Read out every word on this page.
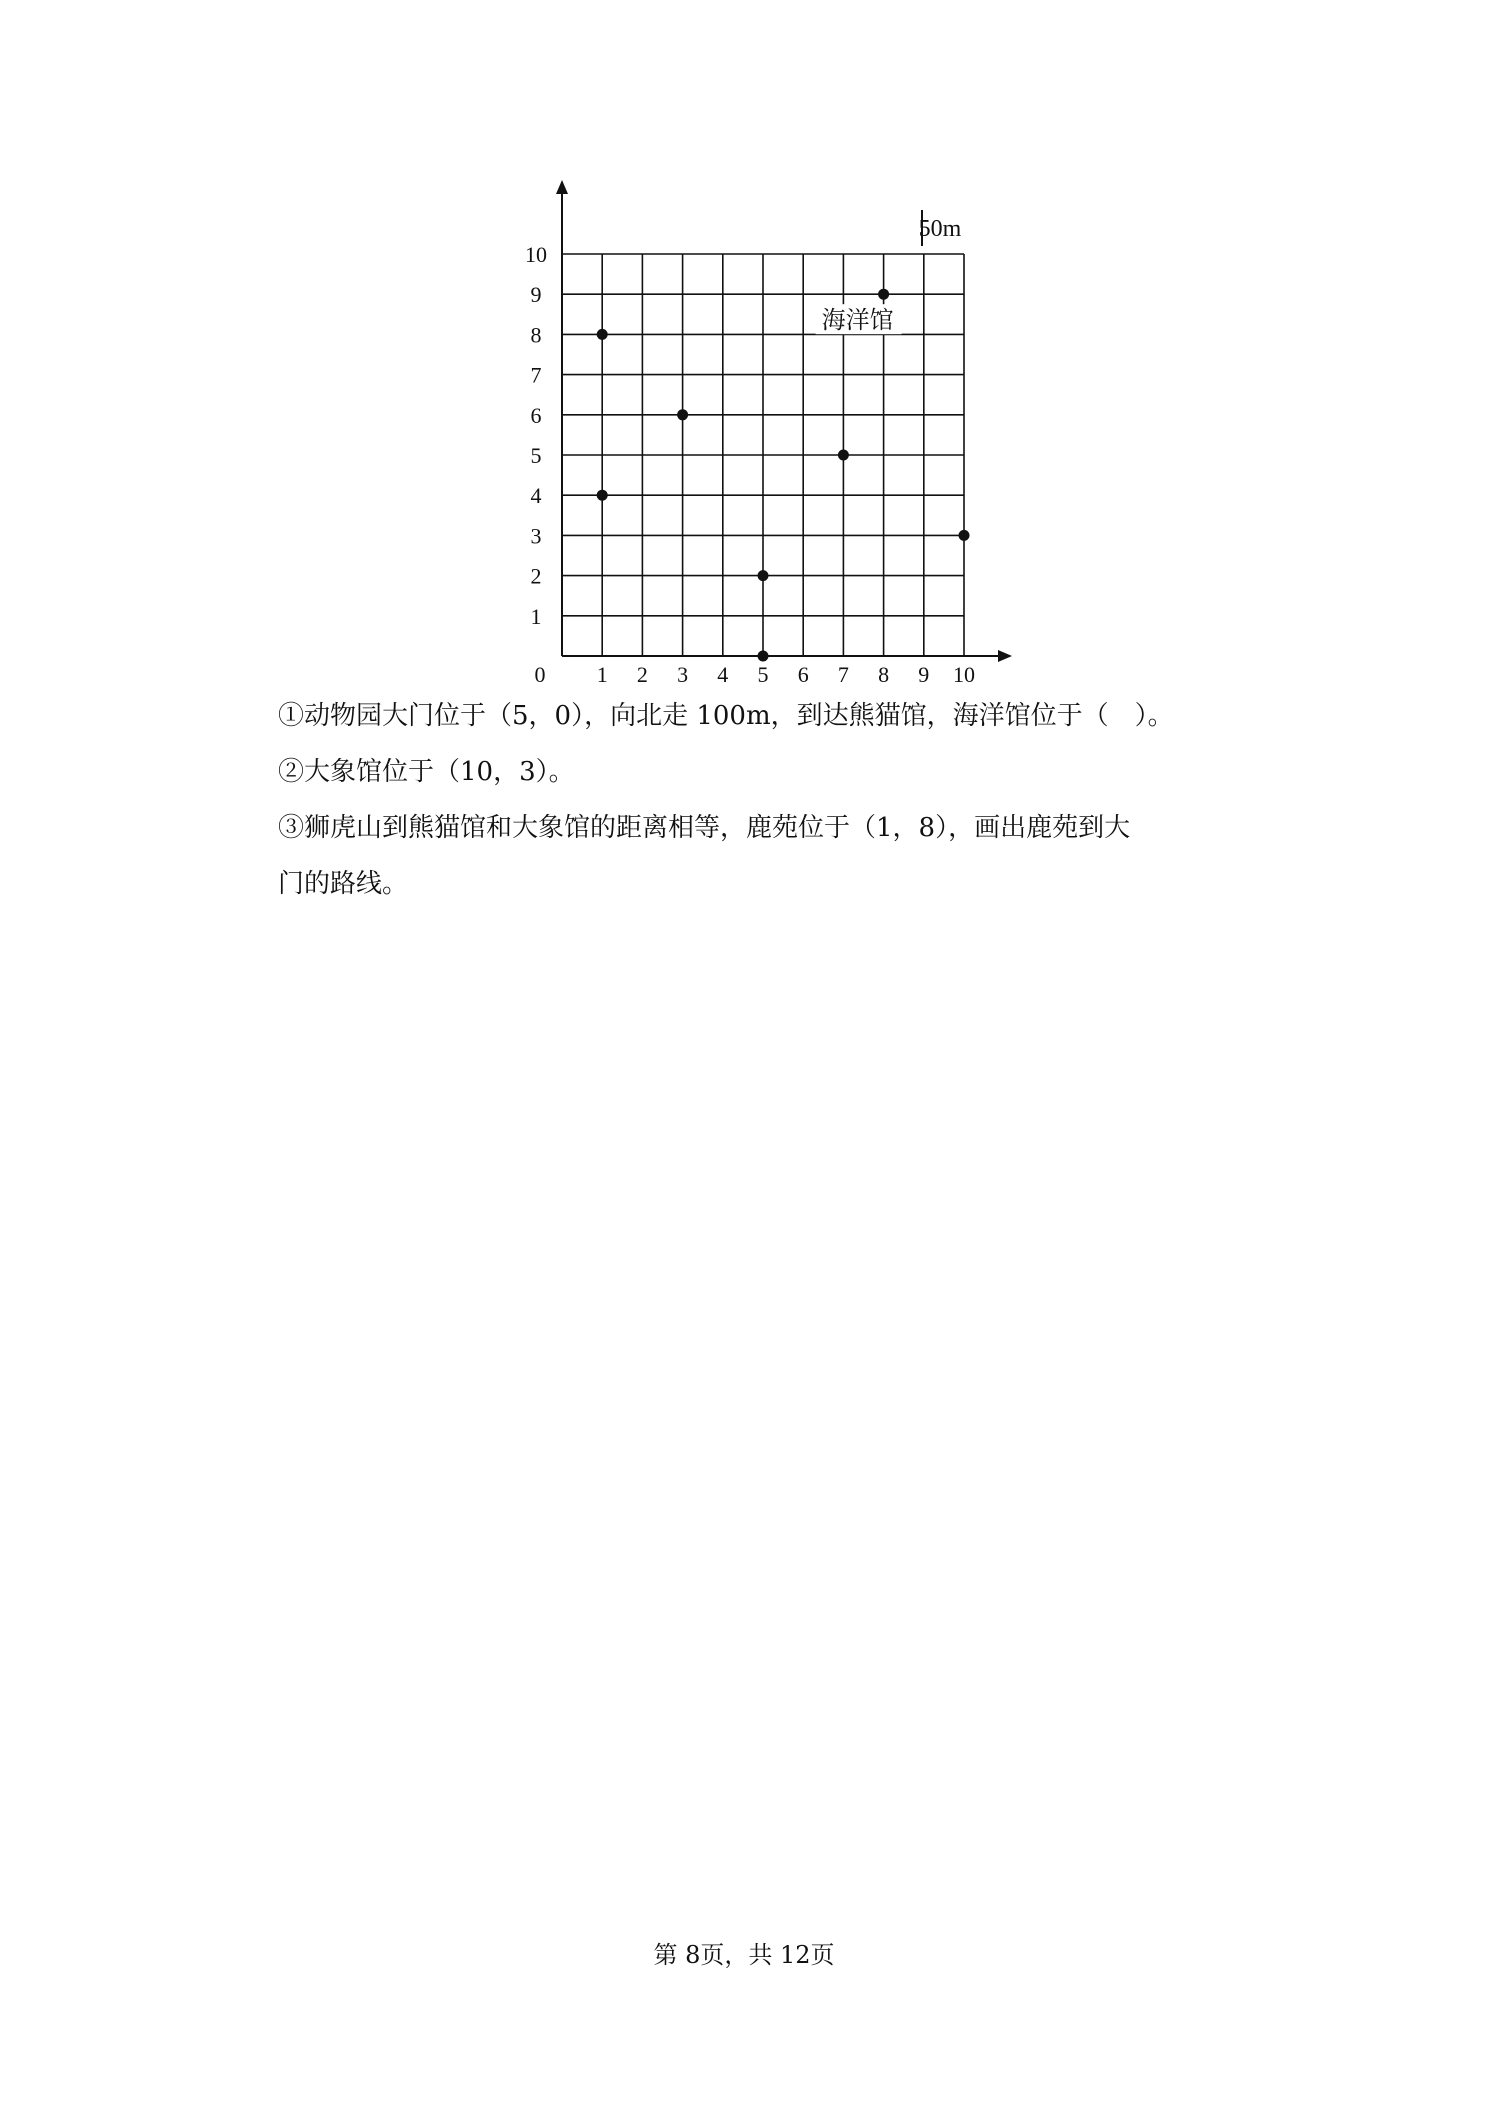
1 2 3 4 5 6 7 8 9 10
1
2
3
4
5
6
7
8
9
10
0
50m
海洋馆
①动物园大门位于（5，0），向北走 100m，到达熊猫馆，海洋馆位于（　）。
②大象馆位于（10，3）。
③狮虎山到熊猫馆和大象馆的距离相等，鹿苑位于（1，8），画出鹿苑到大
门的路线。
第 8页，共 12页
